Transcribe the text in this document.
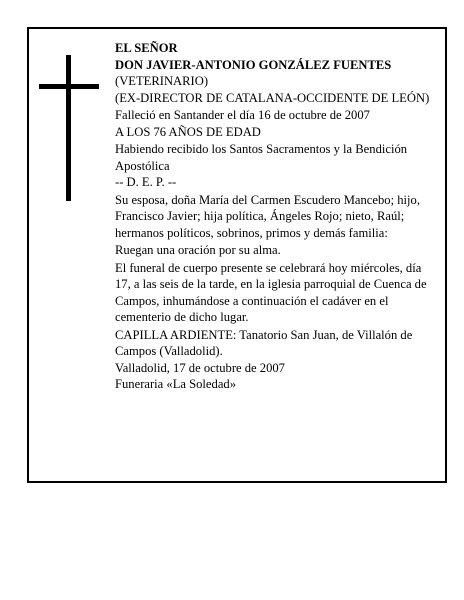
EL SEÑOR

DON JAVIER-ANTONIO GONZÁLEZ FUENTES

(VETERINARIO)

(EX-DIRECTOR DE CATALANA-OCCIDENTE DE LEÓN)

Falleció en Santander el día 16 de octubre de 2007

A LOS 76 AÑOS DE EDAD

Habiendo recibido los Santos Sacramentos y la Bendición Apostólica

-- D. E. P. --

Su esposa, doña María del Carmen Escudero Mancebo; hijo, Francisco Javier; hija política, Ángeles Rojo; nieto, Raúl; hermanos políticos, sobrinos, primos y demás familia:

Ruegan una oración por su alma.

El funeral de cuerpo presente se celebrará hoy miércoles, día 17, a las seis de la tarde, en la iglesia parroquial de Cuenca de Campos, inhumándose a continuación el cadáver en el cementerio de dicho lugar.

CAPILLA ARDIENTE: Tanatorio San Juan, de Villalón de Campos (Valladolid).

Valladolid, 17 de octubre de 2007

Funeraria «La Soledad»
